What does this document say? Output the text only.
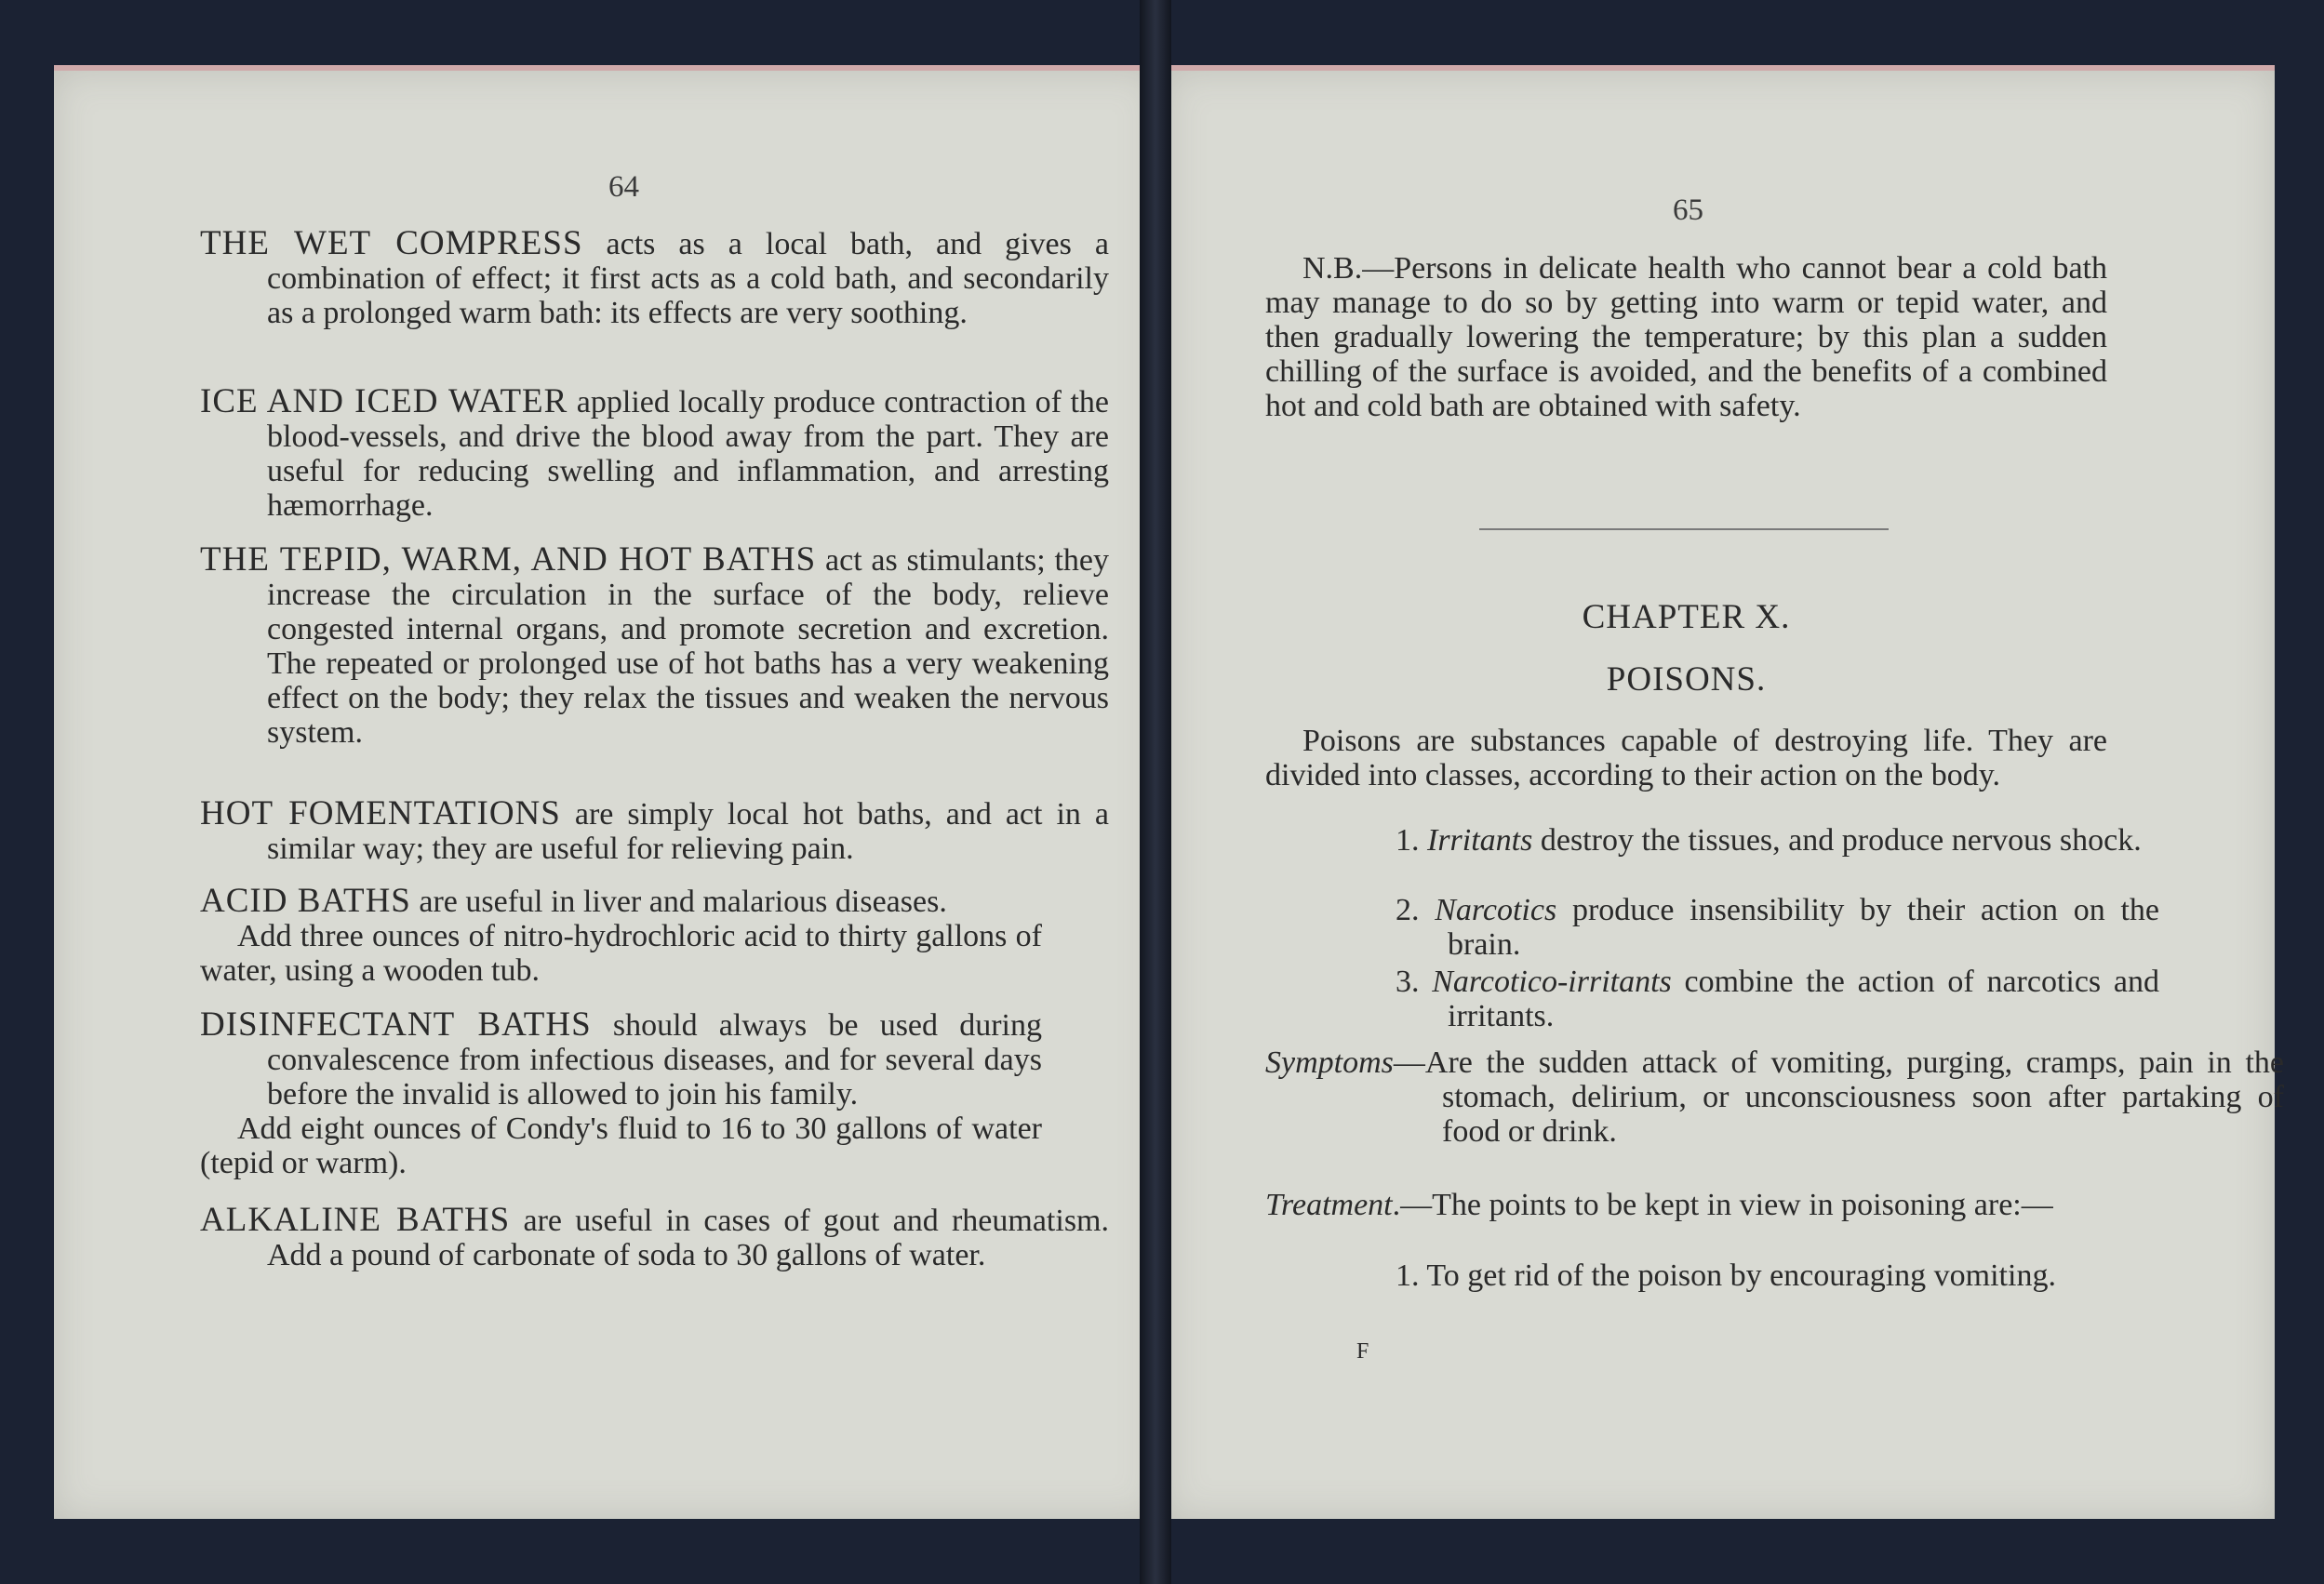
64
THE WET COMPRESS acts as a local bath, and gives a combination of effect; it first acts as a cold bath, and secondarily as a prolonged warm bath: its effects are very soothing.
ICE AND ICED WATER applied locally produce contraction of the blood-vessels, and drive the blood away from the part. They are useful for reducing swelling and inflammation, and arresting hæmorrhage.
THE TEPID, WARM, AND HOT BATHS act as stimulants; they increase the circulation in the surface of the body, relieve congested internal organs, and promote secretion and excretion. The repeated or prolonged use of hot baths has a very weakening effect on the body; they relax the tissues and weaken the nervous system.
HOT FOMENTATIONS are simply local hot baths, and act in a similar way; they are useful for relieving pain.
ACID BATHS are useful in liver and malarious diseases.
Add three ounces of nitro-hydrochloric acid to thirty gallons of water, using a wooden tub.
DISINFECTANT BATHS should always be used during convalescence from infectious diseases, and for several days before the invalid is allowed to join his family.
Add eight ounces of Condy's fluid to 16 to 30 gallons of water (tepid or warm).
ALKALINE BATHS are useful in cases of gout and rheumatism. Add a pound of carbonate of soda to 30 gallons of water.
65
N.B.—Persons in delicate health who cannot bear a cold bath may manage to do so by getting into warm or tepid water, and then gradually lowering the temperature; by this plan a sudden chilling of the surface is avoided, and the benefits of a combined hot and cold bath are obtained with safety.
CHAPTER X.
POISONS.
Poisons are substances capable of destroying life. They are divided into classes, according to their action on the body.
1. Irritants destroy the tissues, and produce nervous shock.
2. Narcotics produce insensibility by their action on the brain.
3. Narcotico-irritants combine the action of narcotics and irritants.
Symptoms—Are the sudden attack of vomiting, purging, cramps, pain in the stomach, delirium, or unconsciousness soon after partaking of food or drink.
Treatment.—The points to be kept in view in poisoning are:—
1. To get rid of the poison by encouraging vomiting.
F
